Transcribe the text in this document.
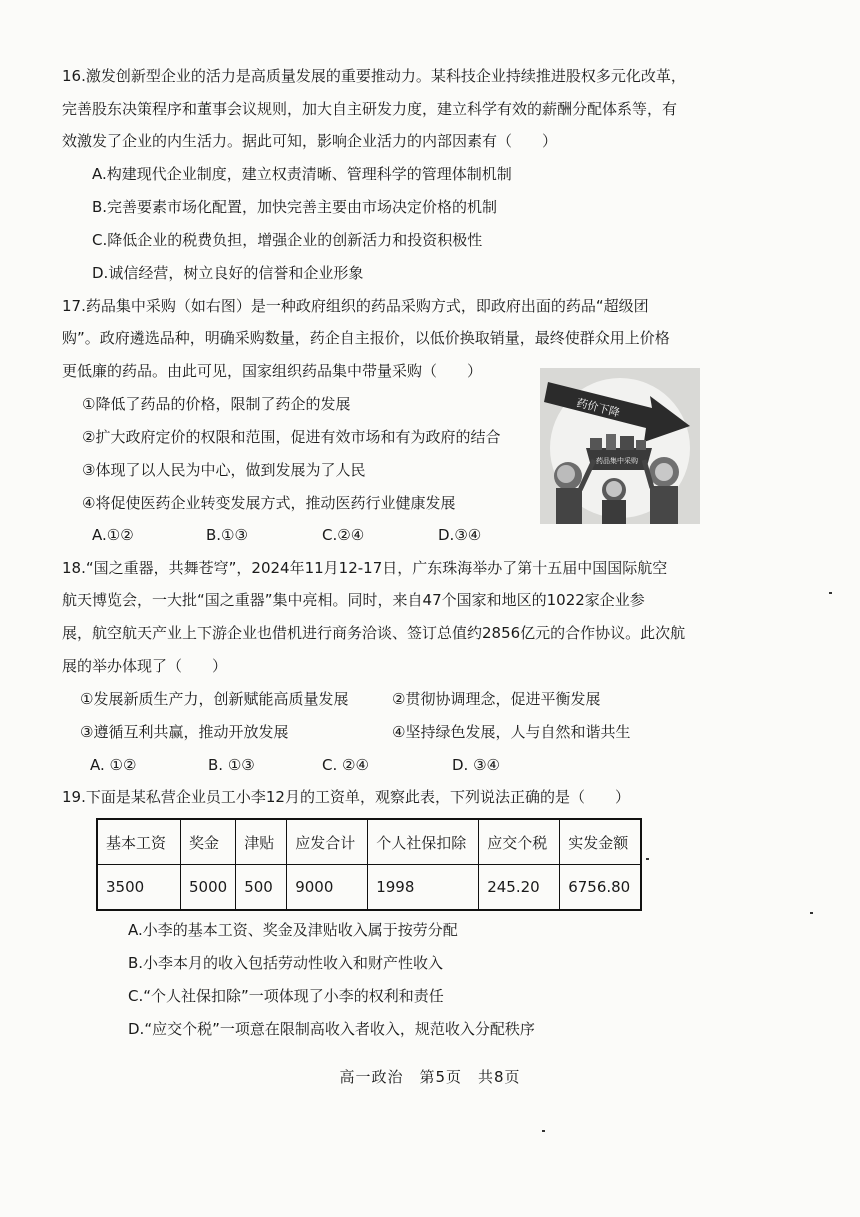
16.激发创新型企业的活力是高质量发展的重要推动力。某科技企业持续推进股权多元化改革，
完善股东决策程序和董事会议规则，加大自主研发力度，建立科学有效的薪酬分配体系等，有
效激发了企业的内生活力。据此可知，影响企业活力的内部因素有（　　）
A.构建现代企业制度，建立权责清晰、管理科学的管理体制机制
B.完善要素市场化配置，加快完善主要由市场决定价格的机制
C.降低企业的税费负担，增强企业的创新活力和投资积极性
D.诚信经营，树立良好的信誉和企业形象
17.药品集中采购（如右图）是一种政府组织的药品采购方式，即政府出面的药品“超级团
购”。政府遴选品种，明确采购数量，药企自主报价，以低价换取销量，最终使群众用上价格
更低廉的药品。由此可见，国家组织药品集中带量采购（　　）
①降低了药品的价格，限制了药企的发展
②扩大政府定价的权限和范围，促进有效市场和有为政府的结合
③体现了以人民为中心，做到发展为了人民
④将促使医药企业转变发展方式，推动医药行业健康发展
A.①②	B.①③	C.②④	D.③④
药价下降
药品集中采购
18.“国之重器，共舞苍穹”，2024年11月12-17日，广东珠海举办了第十五届中国国际航空
航天博览会，一大批“国之重器”集中亮相。同时，来自47个国家和地区的1022家企业参
展，航空航天产业上下游企业也借机进行商务洽谈、签订总值约2856亿元的合作协议。此次航
展的举办体现了（　　）
①发展新质生产力，创新赋能高质量发展	②贯彻协调理念，促进平衡发展
③遵循互利共赢，推动开放发展	④坚持绿色发展，人与自然和谐共生
A. ①②	B. ①③	C. ②④	D. ③④
19.下面是某私营企业员工小李12月的工资单，观察此表，下列说法正确的是（　　）
基本工资	奖金	津贴	应发合计	个人社保扣除	应交个税	实发金额
3500	5000	500	9000	1998	245.20	6756.80
A.小李的基本工资、奖金及津贴收入属于按劳分配
B.小李本月的收入包括劳动性收入和财产性收入
C.“个人社保扣除”一项体现了小李的权利和责任
D.“应交个税”一项意在限制高收入者收入，规范收入分配秩序
高一政治　第5页　共8页
